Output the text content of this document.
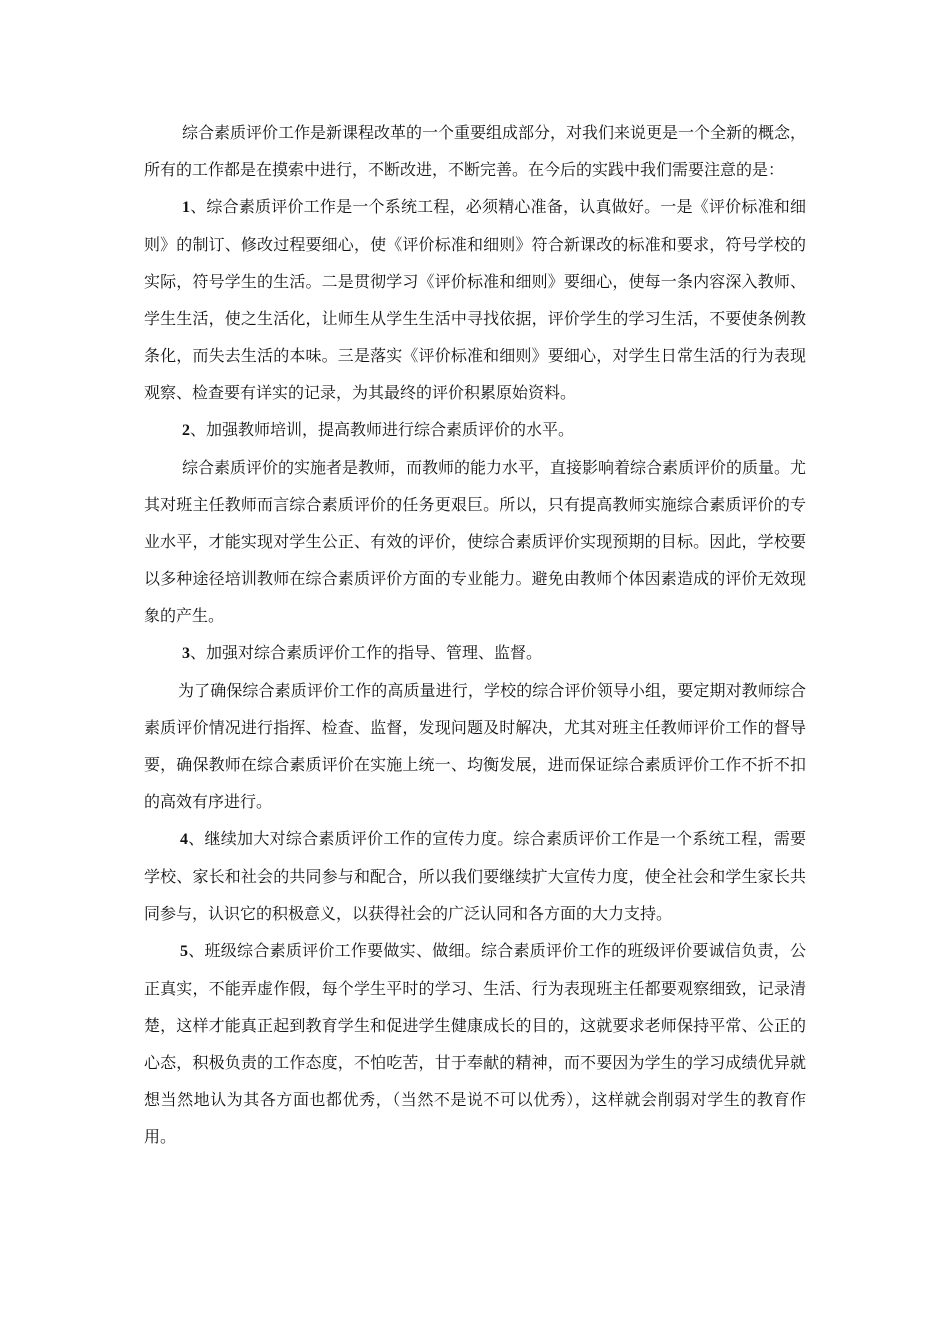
综合素质评价工作是新课程改革的一个重要组成部分，对我们来说更是一个全新的概念，所有的工作都是在摸索中进行，不断改进，不断完善。在今后的实践中我们需要注意的是：

1、综合素质评价工作是一个系统工程，必须精心准备，认真做好。一是《评价标准和细则》的制订、修改过程要细心，使《评价标准和细则》符合新课改的标准和要求，符号学校的实际，符号学生的生活。二是贯彻学习《评价标准和细则》要细心，使每一条内容深入教师、学生生活，使之生活化，让师生从学生生活中寻找依据，评价学生的学习生活，不要使条例教条化，而失去生活的本味。三是落实《评价标准和细则》要细心，对学生日常生活的行为表现观察、检查要有详实的记录，为其最终的评价积累原始资料。

2、加强教师培训，提高教师进行综合素质评价的水平。

综合素质评价的实施者是教师，而教师的能力水平，直接影响着综合素质评价的质量。尤其对班主任教师而言综合素质评价的任务更艰巨。所以，只有提高教师实施综合素质评价的专业水平，才能实现对学生公正、有效的评价，使综合素质评价实现预期的目标。因此，学校要以多种途径培训教师在综合素质评价方面的专业能力。避免由教师个体因素造成的评价无效现象的产生。

3、加强对综合素质评价工作的指导、管理、监督。

为了确保综合素质评价工作的高质量进行，学校的综合评价领导小组，要定期对教师综合素质评价情况进行指挥、检查、监督，发现问题及时解决，尤其对班主任教师评价工作的督导要，确保教师在综合素质评价在实施上统一、均衡发展，进而保证综合素质评价工作不折不扣的高效有序进行。

4、继续加大对综合素质评价工作的宣传力度。综合素质评价工作是一个系统工程，需要学校、家长和社会的共同参与和配合，所以我们要继续扩大宣传力度，使全社会和学生家长共同参与，认识它的积极意义，以获得社会的广泛认同和各方面的大力支持。

5、班级综合素质评价工作要做实、做细。综合素质评价工作的班级评价要诚信负责，公正真实，不能弄虚作假，每个学生平时的学习、生活、行为表现班主任都要观察细致，记录清楚，这样才能真正起到教育学生和促进学生健康成长的目的，这就要求老师保持平常、公正的心态，积极负责的工作态度，不怕吃苦，甘于奉献的精神，而不要因为学生的学习成绩优异就想当然地认为其各方面也都优秀，（当然不是说不可以优秀），这样就会削弱对学生的教育作用。
